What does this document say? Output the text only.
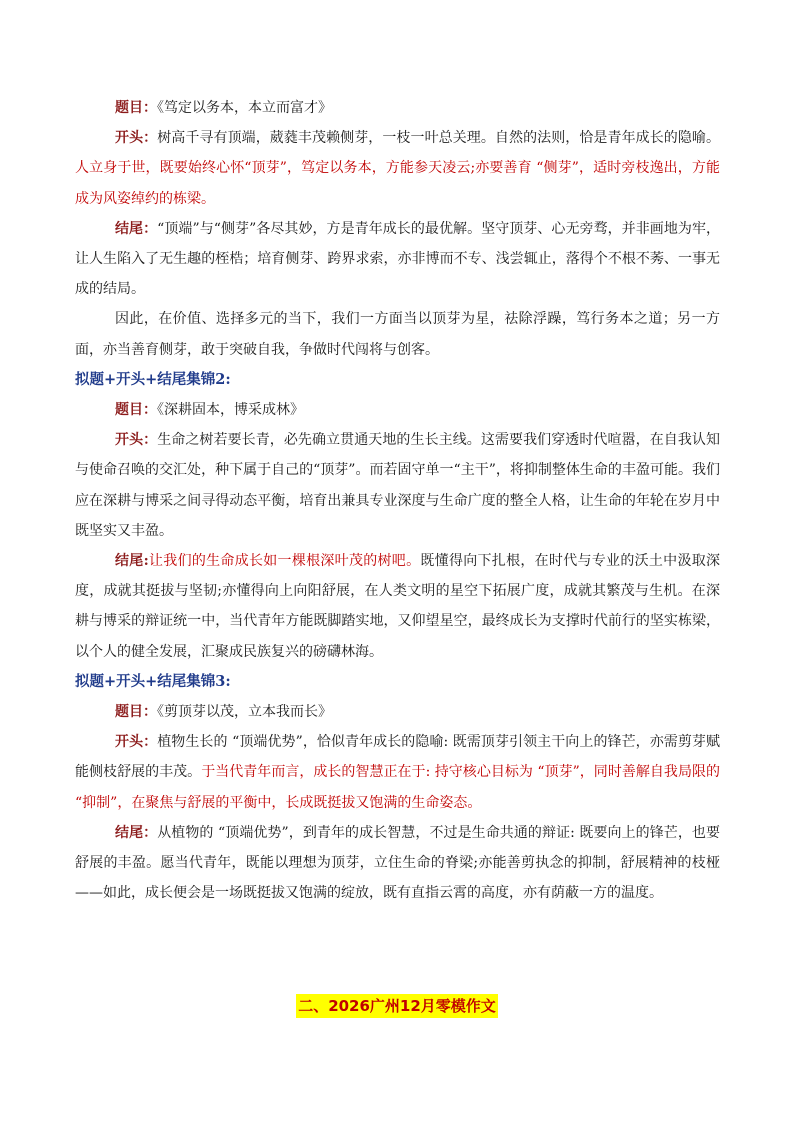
题目：《笃定以务本，本立而富才》

开头：树高千寻有顶端，葳蕤丰茂赖侧芽，一枝一叶总关理。自然的法则，恰是青年成长的隐喻。人立身于世，既要始终心怀“顶芽”，笃定以务本，方能参天凌云;亦要善育 “侧芽”，适时旁枝逸出，方能成为风姿绰约的栋梁。

结尾：“顶端”与“侧芽”各尽其妙，方是青年成长的最优解。坚守顶芽、心无旁骛，并非画地为牢，让人生陷入了无生趣的桎梏；培育侧芽、跨界求索，亦非博而不专、浅尝辄止，落得个不根不莠、一事无成的结局。

因此，在价值、选择多元的当下，我们一方面当以顶芽为星，祛除浮躁，笃行务本之道；另一方面，亦当善育侧芽，敢于突破自我，争做时代闯将与创客。

拟题+开头+结尾集锦2:

题目：《深耕固本，博采成林》

开头：生命之树若要长青，必先确立贯通天地的生长主线。这需要我们穿透时代喧嚣，在自我认知与使命召唤的交汇处，种下属于自己的“顶芽”。而若固守单一“主干”，将抑制整体生命的丰盈可能。我们应在深耕与博采之间寻得动态平衡，培育出兼具专业深度与生命广度的整全人格，让生命的年轮在岁月中既坚实又丰盈。

结尾:让我们的生命成长如一棵根深叶茂的树吧。既懂得向下扎根，在时代与专业的沃土中汲取深度，成就其挺拔与坚韧;亦懂得向上向阳舒展，在人类文明的星空下拓展广度，成就其繁茂与生机。在深耕与博采的辩证统一中，当代青年方能既脚踏实地，又仰望星空，最终成长为支撑时代前行的坚实栋梁，以个人的健全发展，汇聚成民族复兴的磅礴林海。

拟题+开头+结尾集锦3:

题目：《剪顶芽以茂，立本我而长》

开头：植物生长的 “顶端优势”，恰似青年成长的隐喻: 既需顶芽引领主干向上的锋芒，亦需剪芽赋能侧枝舒展的丰茂。于当代青年而言，成长的智慧正在于: 持守核心目标为 “顶芽”，同时善解自我局限的 “抑制”，在聚焦与舒展的平衡中，长成既挺拔又饱满的生命姿态。

结尾：从植物的 “顶端优势”，到青年的成长智慧，不过是生命共通的辩证: 既要向上的锋芒，也要舒展的丰盈。愿当代青年，既能以理想为顶芽，立住生命的脊梁;亦能善剪执念的抑制，舒展精神的枝桠——如此，成长便会是一场既挺拔又饱满的绽放，既有直指云霄的高度，亦有荫蔽一方的温度。

二、2026广州12月零模作文
